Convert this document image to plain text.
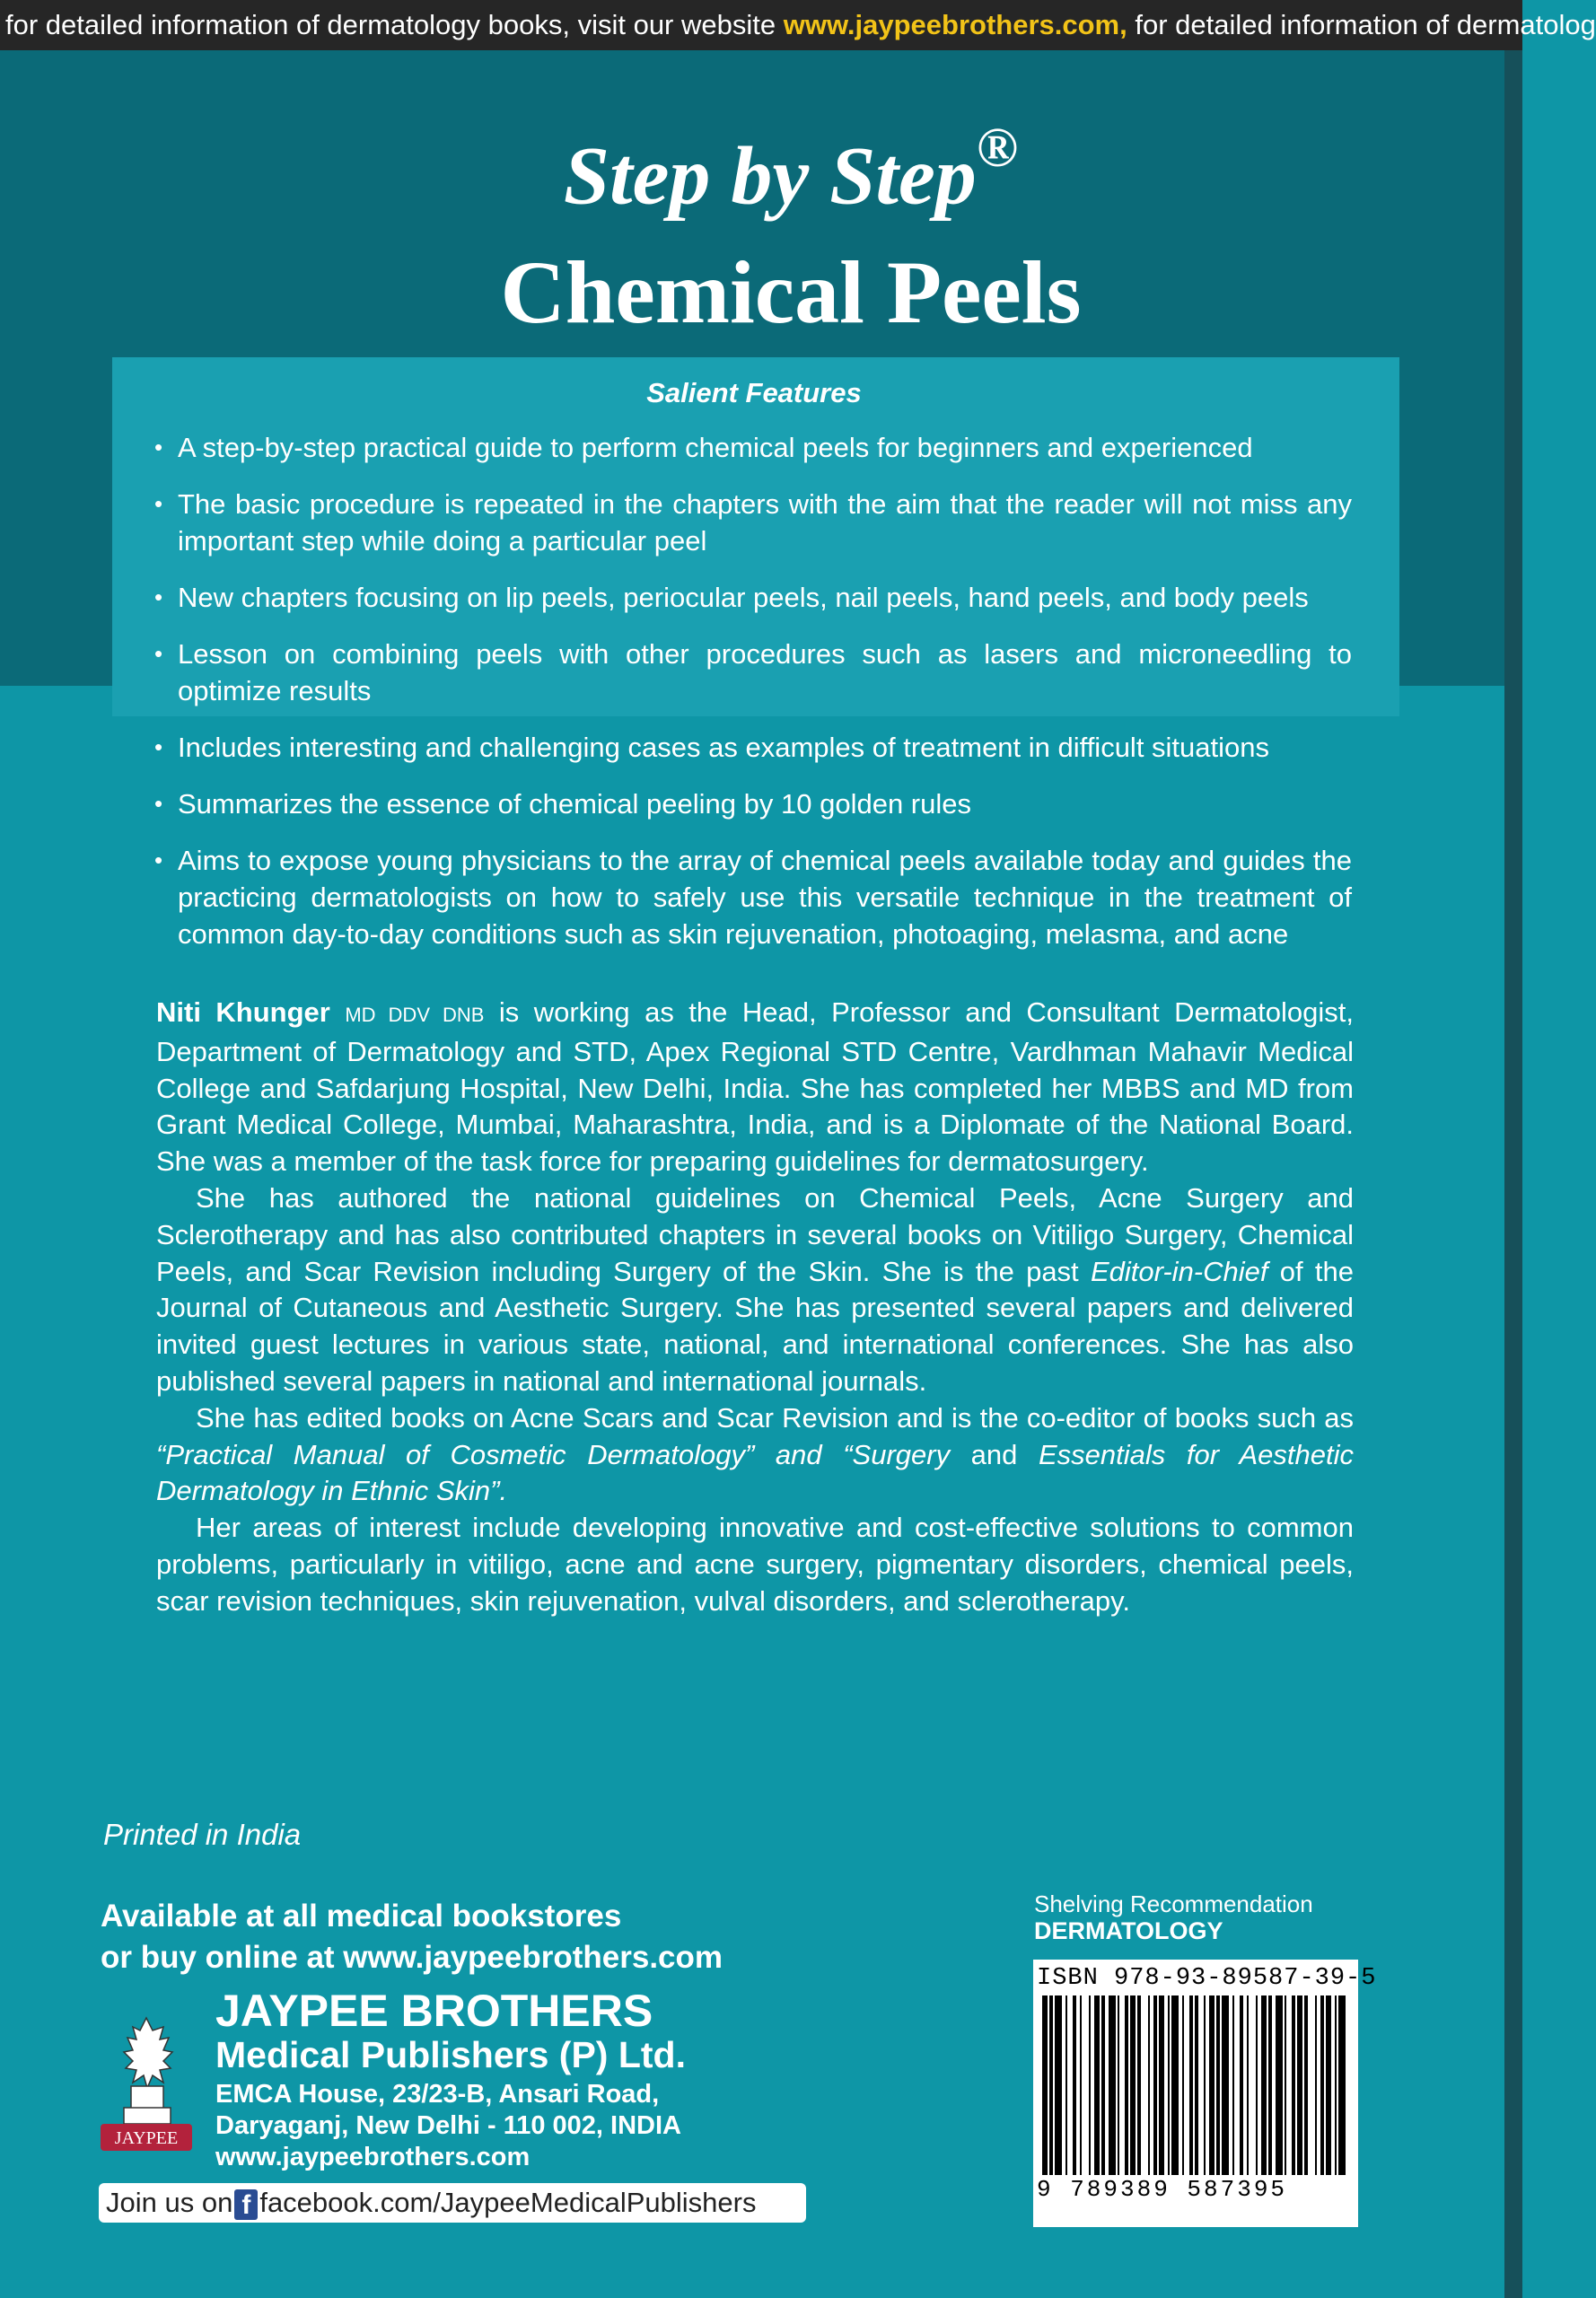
for detailed information of dermatology books, visit our website www.jaypeebrothers.com, for detailed information of dermatolog
Step by Step®
Chemical Peels
Salient Features
• A step-by-step practical guide to perform chemical peels for beginners and experienced
• The basic procedure is repeated in the chapters with the aim that the reader will not miss any important step while doing a particular peel
• New chapters focusing on lip peels, periocular peels, nail peels, hand peels, and body peels
• Lesson on combining peels with other procedures such as lasers and microneedling to optimize results
• Includes interesting and challenging cases as examples of treatment in difficult situations
• Summarizes the essence of chemical peeling by 10 golden rules
• Aims to expose young physicians to the array of chemical peels available today and guides the practicing dermatologists on how to safely use this versatile technique in the treatment of common day-to-day conditions such as skin rejuvenation, photoaging, melasma, and acne

Niti Khunger MD DDV DNB is working as the Head, Professor and Consultant Dermatologist, Department of Dermatology and STD, Apex Regional STD Centre, Vardhman Mahavir Medical College and Safdarjung Hospital, New Delhi, India. She has completed her MBBS and MD from Grant Medical College, Mumbai, Maharashtra, India, and is a Diplomate of the National Board. She was a member of the task force for preparing guidelines for dermatosurgery.

She has authored the national guidelines on Chemical Peels, Acne Surgery and Sclerotherapy and has also contributed chapters in several books on Vitiligo Surgery, Chemical Peels, and Scar Revision including Surgery of the Skin. She is the past Editor-in-Chief of the Journal of Cutaneous and Aesthetic Surgery. She has presented several papers and delivered invited guest lectures in various state, national, and international conferences. She has also published several papers in national and international journals.

She has edited books on Acne Scars and Scar Revision and is the co-editor of books such as “Practical Manual of Cosmetic Dermatology” and “Surgery and Essentials for Aesthetic Dermatology in Ethnic Skin”.

Her areas of interest include developing innovative and cost-effective solutions to common problems, particularly in vitiligo, acne and acne surgery, pigmentary disorders, chemical peels, scar revision techniques, skin rejuvenation, vulval disorders, and sclerotherapy.

Printed in India
Available at all medical bookstores
or buy online at www.jaypeebrothers.com
JAYPEE
JAYPEE BROTHERS
Medical Publishers (P) Ltd.
EMCA House, 23/23-B, Ansari Road,
Daryaganj, New Delhi - 110 002, INDIA
www.jaypeebrothers.com
Join us on f facebook.com/JaypeeMedicalPublishers
Shelving Recommendation
DERMATOLOGY
ISBN 978-93-89587-39-5
9 789389 587395
